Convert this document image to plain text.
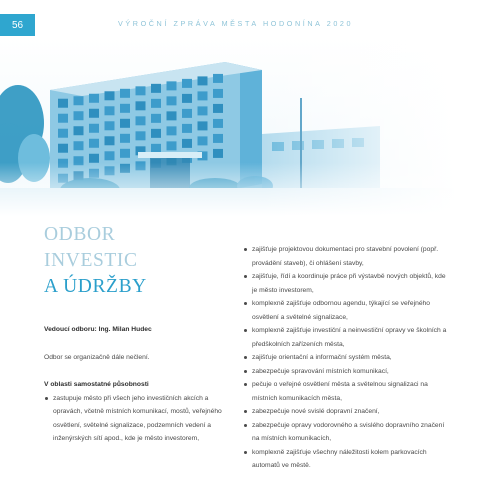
56	VÝROČNÍ ZPRÁVA MĚSTA HODONÍNA 2020
ODBOR
INVESTIC
A ÚDRŽBY
Vedoucí odboru: Ing. Milan Hudec
Odbor se organizačně dále nečlení.
V oblasti samostatné působnosti
zastupuje město při všech jeho investičních akcích a opravách, včetně místních komunikací, mostů, veřejného osvětlení, světelné signalizace, podzemních vedení a inženýrských sítí apod., kde je město investorem,
zajišťuje projektovou dokumentaci pro stavební povolení (popř. provádění staveb), či ohlášení stavby,
zajišťuje, řídí a koordinuje práce při výstavbě nových objektů, kde je město investorem,
komplexně zajišťuje odbornou agendu, týkající se veřejného osvětlení a světelné signalizace,
komplexně zajišťuje investiční a neinvestiční opravy ve školních a předškolních zařízeních města,
zajišťuje orientační a informační systém města,
zabezpečuje spravování místních komunikací,
pečuje o veřejné osvětlení města a světelnou signalizaci na místních komunikacích města,
zabezpečuje nové svislé dopravní značení,
zabezpečuje opravy vodorovného a svislého dopravního značení na místních komunikacích,
komplexně zajišťuje všechny náležitosti kolem parkovacích automatů ve městě.
